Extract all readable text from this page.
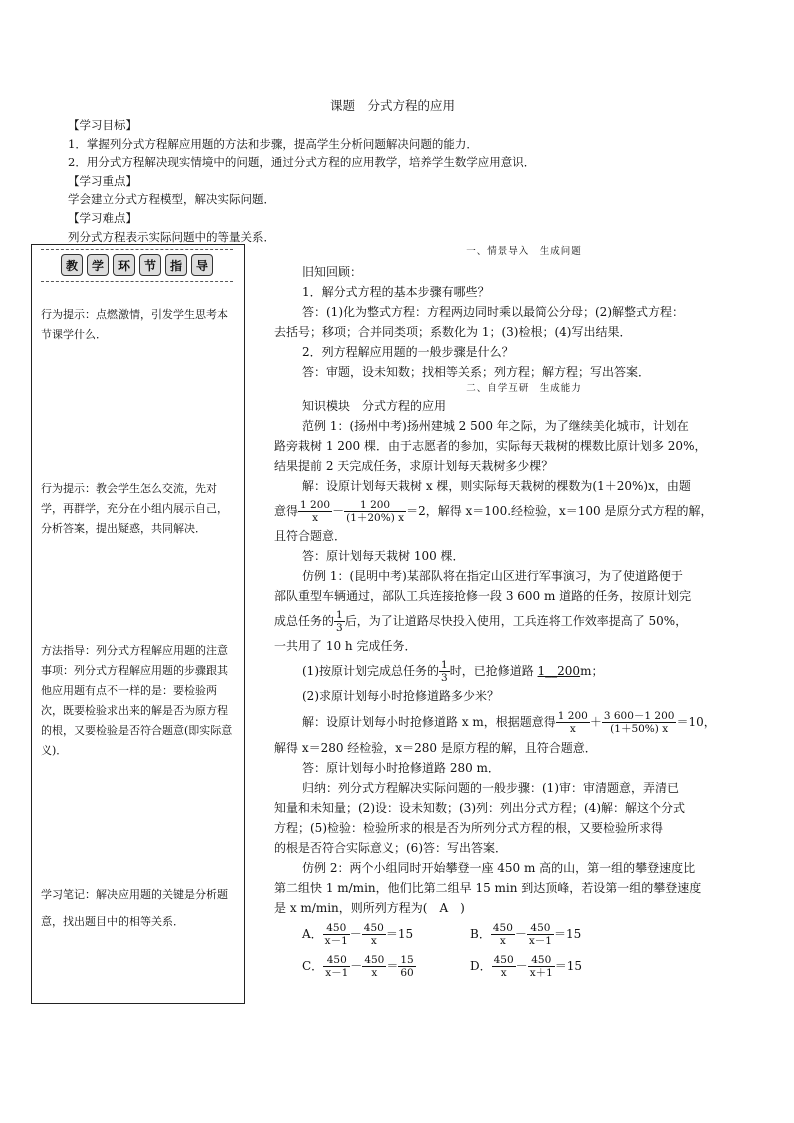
课题　分式方程的应用
【学习目标】
1．掌握列分式方程解应用题的方法和步骤，提高学生分析问题解决问题的能力．
2．用分式方程解决现实情境中的问题，通过分式方程的应用教学，培养学生数学应用意识．
【学习重点】
学会建立分式方程模型，解决实际问题．
【学习难点】
列分式方程表示实际问题中的等量关系．
教	学	环	节	指	导
行为提示：点燃激情，引发学生思考本节课学什么．
行为提示：教会学生怎么交流，先对学，再群学，充分在小组内展示自己，分析答案，提出疑惑，共同解决．
方法指导：列分式方程解应用题的注意事项：列分式方程解应用题的步骤跟其他应用题有点不一样的是：要检验两次，既要检验求出来的解是否为原方程的根，又要检验是否符合题意(即实际意义)．
学习笔记：解决应用题的关键是分析题意，找出题目中的相等关系．
一、情景导入　生成问题
旧知回顾：
1．解分式方程的基本步骤有哪些？
答：(1)化为整式方程：方程两边同时乘以最简公分母；(2)解整式方程：
去括号；移项；合并同类项；系数化为 1；(3)检根；(4)写出结果．
2．列方程解应用题的一般步骤是什么？
答：审题，设未知数；找相等关系；列方程；解方程；写出答案．
二、自学互研　生成能力
知识模块　分式方程的应用
范例 1：(扬州中考)扬州建城 2 500 年之际，为了继续美化城市，计划在
路旁栽树 1 200 棵．由于志愿者的参加，实际每天栽树的棵数比原计划多 20%，
结果提前 2 天完成任务，求原计划每天栽树多少棵？
解：设原计划每天栽树 x 棵，则实际每天栽树的棵数为(1＋20%)x，由题
意得 $\frac{1 200}{x} - \frac{1 200}{(1+20\%) x} =2$，解得 x＝100.经检验，x＝100 是原分式方程的解，
且符合题意．
答：原计划每天栽树 100 棵．
仿例 1：(昆明中考)某部队将在指定山区进行军事演习，为了使道路便于
部队重型车辆通过，部队工兵连接抢修一段 3 600 m 道路的任务，按原计划完
成总任务的 $\frac{1}{3}$ 后，为了让道路尽快投入使用，工兵连将工作效率提高了 50%，
一共用了 10 h 完成任务．
(1)按原计划完成总任务的 $\frac{1}{3}$ 时，已抢修道路 1__200m；
(2)求原计划每小时抢修道路多少米？
解：设原计划每小时抢修道路 x m，根据题意得 $\frac{1 200}{x} + \frac{3 600-1 200}{(1+50\%) x} =10$，
解得 x＝280 经检验，x＝280 是原方程的解，且符合题意．
答：原计划每小时抢修道路 280 m．
归纳：列分式方程解决实际问题的一般步骤：(1)审：审清题意，弄清已
知量和未知量；(2)设：设未知数；(3)列：列出分式方程；(4)解：解这个分式
方程；(5)检验：检验所求的根是否为所列分式方程的根，又要检验所求得
的根是否符合实际意义；(6)答：写出答案．
仿例 2：两个小组同时开始攀登一座 450 m 高的山，第一组的攀登速度比
第二组快 1 m/min，他们比第二组早 15 min 到达顶峰，若设第一组的攀登速度
是 x m/min，则所列方程为(　A　)
A． $\frac{450}{x-1} - \frac{450}{x} =15$	B． $\frac{450}{x} - \frac{450}{x-1} =15$
C． $\frac{450}{x-1} - \frac{450}{x} = \frac{15}{60}$	D． $\frac{450}{x} - \frac{450}{x+1} =15$
